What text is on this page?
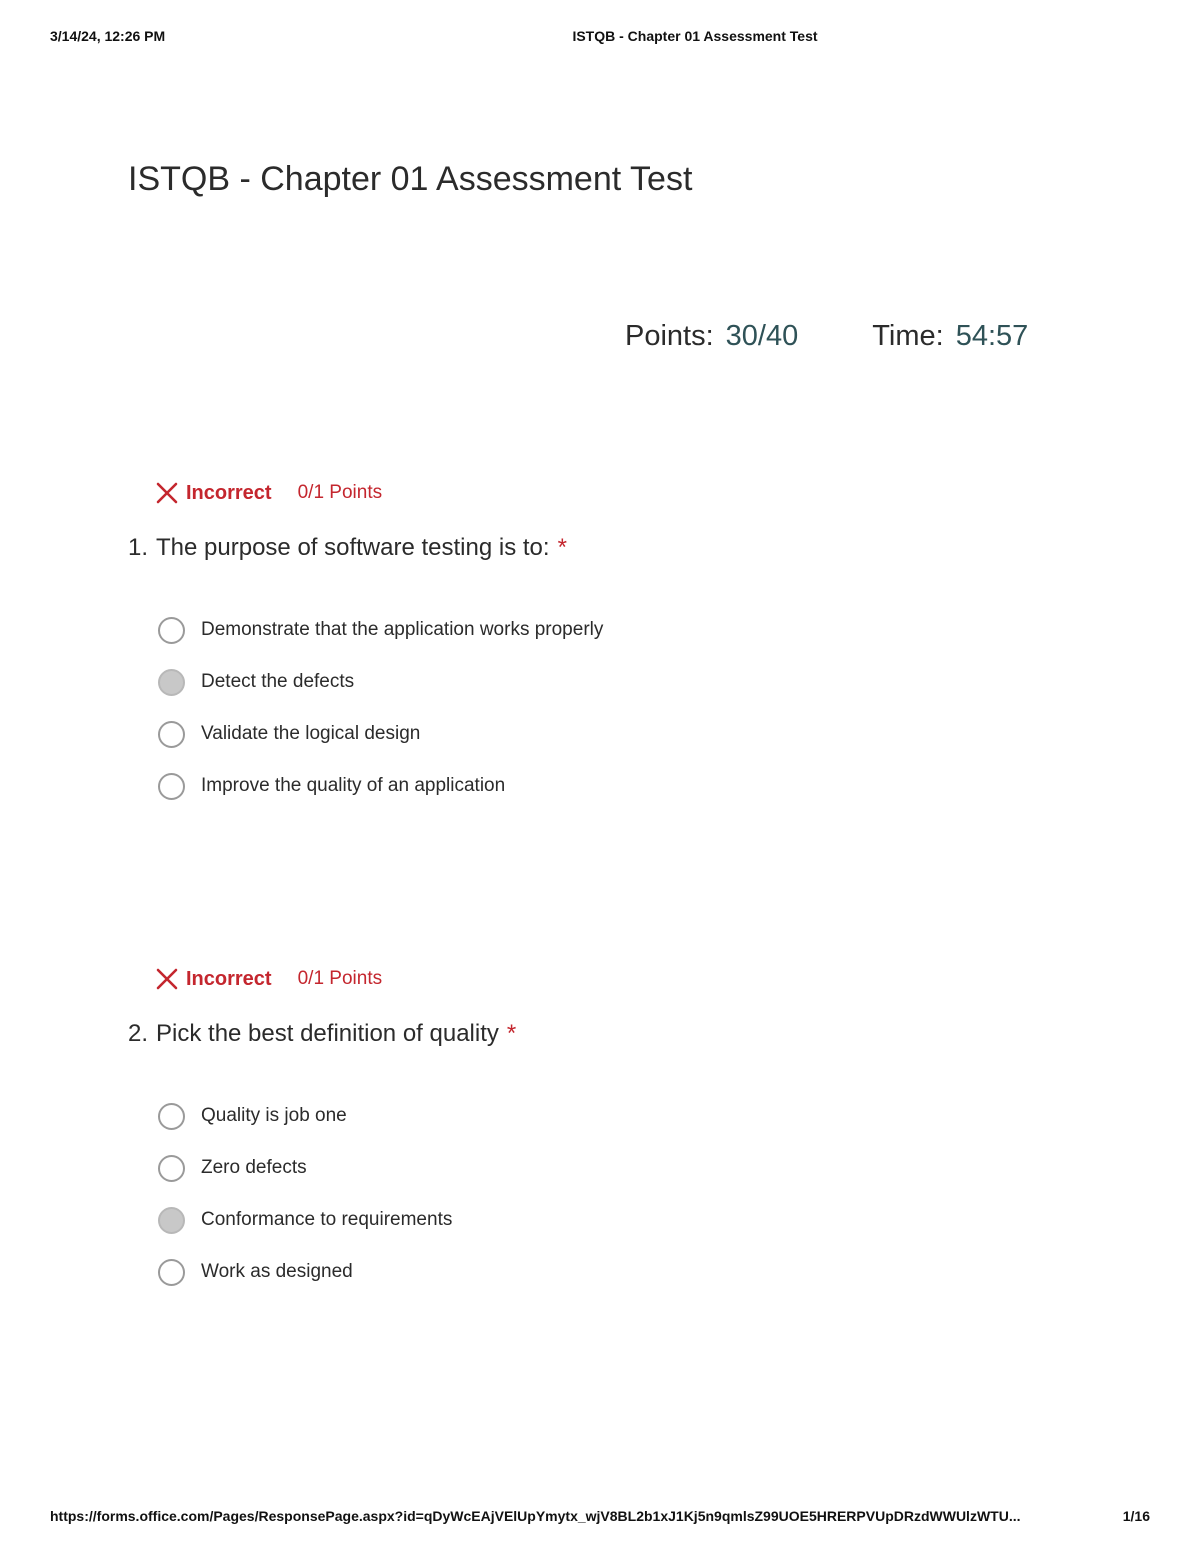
3/14/24, 12:26 PM	ISTQB - Chapter 01 Assessment Test
ISTQB - Chapter 01 Assessment Test
Points: 30/40	Time: 54:57
Incorrect 0/1 Points
1. The purpose of software testing is to: *
Demonstrate that the application works properly
Detect the defects
Validate the logical design
Improve the quality of an application
Incorrect 0/1 Points
2. Pick the best definition of quality *
Quality is job one
Zero defects
Conformance to requirements
Work as designed
https://forms.office.com/Pages/ResponsePage.aspx?id=qDyWcEAjVElUpYmytx_wjV8BL2b1xJ1Kj5n9qmlsZ99UOE5HRERPVUpDRzdWWUlzWTU...	1/16
